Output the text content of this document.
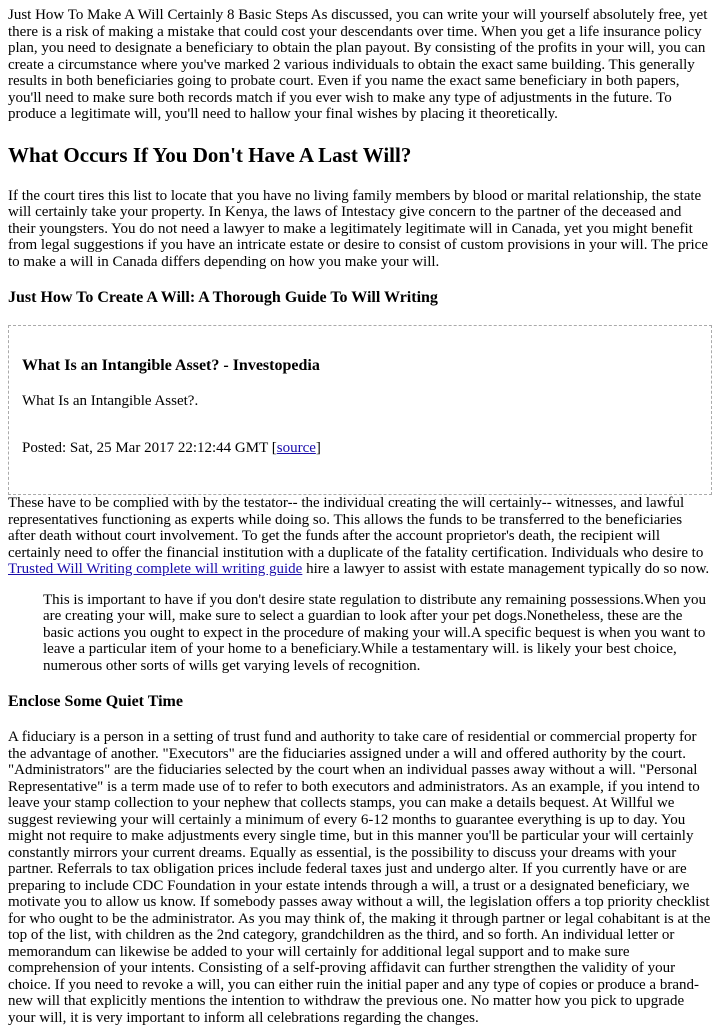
Just How To Make A Will Certainly 8 Basic Steps As discussed, you can write your will yourself absolutely free, yet there is a risk of making a mistake that could cost your descendants over time. When you get a life insurance policy plan, you need to designate a beneficiary to obtain the plan payout. By consisting of the profits in your will, you can create a circumstance where you've marked 2 various individuals to obtain the exact same building. This generally results in both beneficiaries going to probate court. Even if you name the exact same beneficiary in both papers, you'll need to make sure both records match if you ever wish to make any type of adjustments in the future. To produce a legitimate will, you'll need to hallow your final wishes by placing it theoretically.

What Occurs If You Don't Have A Last Will?

If the court tires this list to locate that you have no living family members by blood or marital relationship, the state will certainly take your property. In Kenya, the laws of Intestacy give concern to the partner of the deceased and their youngsters. You do not need a lawyer to make a legitimately legitimate will in Canada, yet you might benefit from legal suggestions if you have an intricate estate or desire to consist of custom provisions in your will. The price to make a will in Canada differs depending on how you make your will.

Just How To Create A Will: A Thorough Guide To Will Writing
What Is an Intangible Asset? - Investopedia

What Is an Intangible Asset?.

Posted: Sat, 25 Mar 2017 22:12:44 GMT [source]

These have to be complied with by the testator-- the individual creating the will certainly-- witnesses, and lawful representatives functioning as experts while doing so. This allows the funds to be transferred to the beneficiaries after death without court involvement. To get the funds after the account proprietor's death, the recipient will certainly need to offer the financial institution with a duplicate of the fatality certification. Individuals who desire to Trusted Will Writing complete will writing guide hire a lawyer to assist with estate management typically do so now.

This is important to have if you don't desire state regulation to distribute any remaining possessions.When you are creating your will, make sure to select a guardian to look after your pet dogs.Nonetheless, these are the basic actions you ought to expect in the procedure of making your will.A specific bequest is when you want to leave a particular item of your home to a beneficiary.While a testamentary will. is likely your best choice, numerous other sorts of wills get varying levels of recognition.

Enclose Some Quiet Time

A fiduciary is a person in a setting of trust fund and authority to take care of residential or commercial property for the advantage of another. "Executors" are the fiduciaries assigned under a will and offered authority by the court. "Administrators" are the fiduciaries selected by the court when an individual passes away without a will. "Personal Representative" is a term made use of to refer to both executors and administrators. As an example, if you intend to leave your stamp collection to your nephew that collects stamps, you can make a details bequest. At Willful we suggest reviewing your will certainly a minimum of every 6-12 months to guarantee everything is up to day. You might not require to make adjustments every single time, but in this manner you'll be particular your will certainly constantly mirrors your current dreams. Equally as essential, is the possibility to discuss your dreams with your partner. Referrals to tax obligation prices include federal taxes just and undergo alter. If you currently have or are preparing to include CDC Foundation in your estate intends through a will, a trust or a designated beneficiary, we motivate you to allow us know. If somebody passes away without a will, the legislation offers a top priority checklist for who ought to be the administrator. As you may think of, the making it through partner or legal cohabitant is at the top of the list, with children as the 2nd category, grandchildren as the third, and so forth. An individual letter or memorandum can likewise be added to your will certainly for additional legal support and to make sure comprehension of your intents. Consisting of a self-proving affidavit can further strengthen the validity of your choice. If you need to revoke a will, you can either ruin the initial paper and any type of copies or produce a brand-new will that explicitly mentions the intention to withdraw the previous one. No matter how you pick to upgrade your will, it is very important to inform all celebrations regarding the changes.
